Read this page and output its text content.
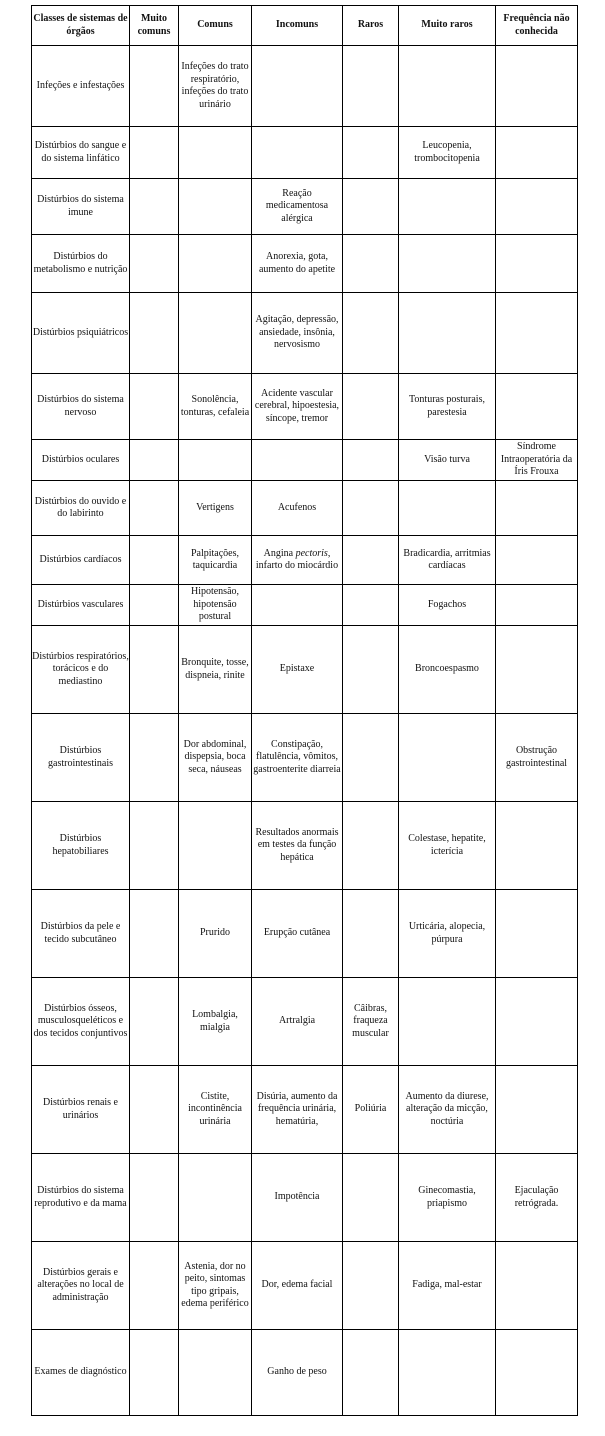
Classes de sistemas de órgãos	Muito comuns	Comuns	Incomuns	Raros	Muito raros	Frequência não conhecida
Infeções e infestações		Infeções do trato respiratório, infeções do trato urinário				
Distúrbios do sangue e do sistema linfático					Leucopenia, trombocitopenia	
Distúrbios do sistema imune			Reação medicamentosa alérgica			
Distúrbios do metabolismo e nutrição			Anorexia, gota, aumento do apetite			
Distúrbios psiquiátricos			Agitação, depressão, ansiedade, insônia, nervosismo			
Distúrbios do sistema nervoso		Sonolência, tonturas, cefaleia	Acidente vascular cerebral, hipoestesia, síncope, tremor		Tonturas posturais, parestesia	
Distúrbios oculares					Visão turva	Síndrome Intraoperatória da Íris Frouxa
Distúrbios do ouvido e do labirinto		Vertigens	Acufenos			
Distúrbios cardíacos		Palpitações, taquicardia	Angina pectoris, infarto do miocárdio		Bradicardia, arritmias cardíacas	
Distúrbios vasculares		Hipotensão, hipotensão postural			Fogachos	
Distúrbios respiratórios, torácicos e do mediastino		Bronquite, tosse, dispneia, rinite	Epistaxe		Broncoespasmo	
Distúrbios gastrointestinais		Dor abdominal, dispepsia, boca seca, náuseas	Constipação, flatulência, vômitos, gastroenterite diarreia			Obstrução gastrointestinal
Distúrbios hepatobiliares			Resultados anormais em testes da função hepática		Colestase, hepatite, icterícia	
Distúrbios da pele e tecido subcutâneo		Prurido	Erupção cutânea		Urticária, alopecia, púrpura	
Distúrbios ósseos, musculosqueléticos e dos tecidos conjuntivos		Lombalgia, mialgia	Artralgia	Câibras, fraqueza muscular		
Distúrbios renais e urinários		Cistite, incontinência urinária	Disúria, aumento da frequência urinária, hematúria,	Poliúria	Aumento da diurese, alteração da micção, noctúria	
Distúrbios do sistema reprodutivo e da mama			Impotência		Ginecomastia, priapismo	Ejaculação retrógrada.
Distúrbios gerais e alterações no local de administração		Astenia, dor no peito, sintomas tipo gripais, edema periférico	Dor, edema facial		Fadiga, mal-estar	
Exames de diagnóstico			Ganho de peso			
